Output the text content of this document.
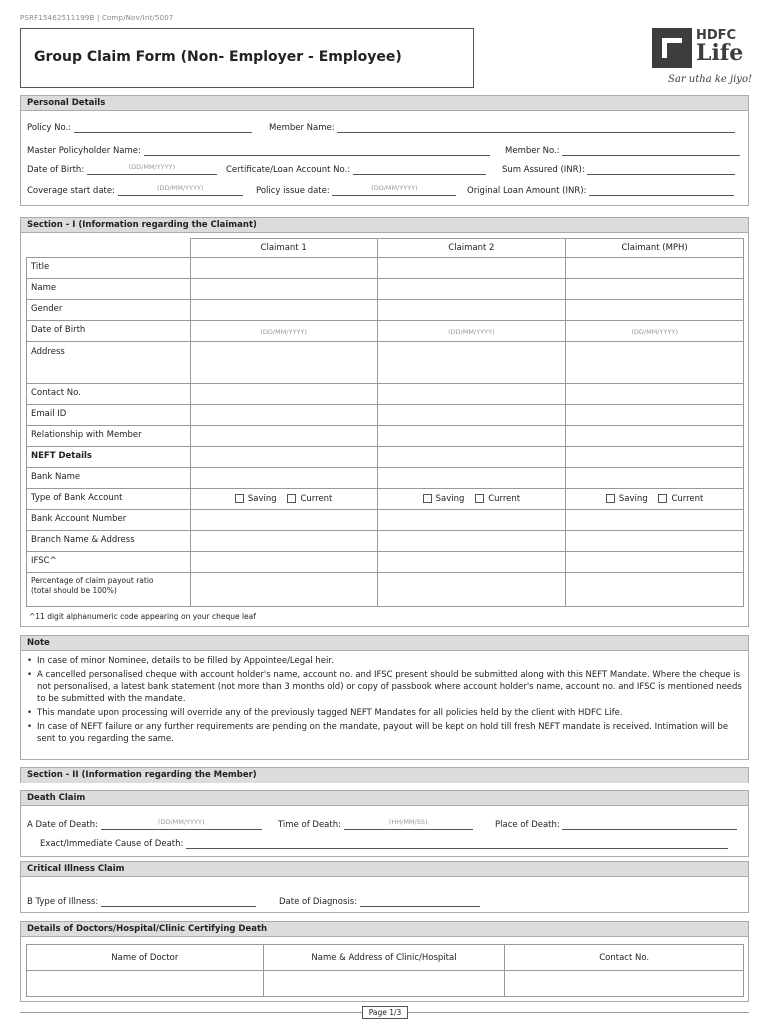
PSRF15462511199B | Comp/Nov/Int/5007
Group Claim Form (Non- Employer - Employee)
HDFC
Life
Sar utha ke jiyo!
Personal Details
Policy No.:	Member Name:
Master Policyholder Name:	Member No.:
Date of Birth:	(DD/MM/YYYY)	Certificate/Loan Account No.:	Sum Assured (INR):
Coverage start date:	(DD/MM/YYYY)	Policy issue date:	(DD/MM/YYYY)	Original Loan Amount (INR):
Section - I (Information regarding the Claimant)
	Claimant 1	Claimant 2	Claimant (MPH)
Title			
Name			
Gender			
Date of Birth	(DD/MM/YYYY)	(DD/MM/YYYY)	(DD/MM/YYYY)
Address			
Contact No.			
Email ID			
Relationship with Member			
NEFT Details			
Bank Name			
Type of Bank Account	Saving Current	Saving Current	Saving Current
Bank Account Number			
Branch Name & Address			
IFSC^			

Percentage of claim payout ratio
(total should be 100%)			

^11 digit alphanumeric code appearing on your cheque leaf
Note
• In case of minor Nominee, details to be filled by Appointee/Legal heir.
• A cancelled personalised cheque with account holder's name, account no. and IFSC present should be submitted along with this NEFT Mandate. Where the cheque is not personalised, a latest bank statement (not more than 3 months old) or copy of passbook where account holder's name, account no. and IFSC is mentioned needs to be submitted with the mandate.
• This mandate upon processing will override any of the previously tagged NEFT Mandates for all policies held by the client with HDFC Life.
• In case of NEFT failure or any further requirements are pending on the mandate, payout will be kept on hold till fresh NEFT mandate is received. Intimation will be sent to you regarding the same.
Section - II (Information regarding the Member)
Death Claim
A Date of Death:	(DD/MM/YYYY)	Time of Death:	(HH/MM/SS)	Place of Death:
Exact/Immediate Cause of Death:
Critical Illness Claim
B Type of Illness:	Date of Diagnosis:
Details of Doctors/Hospital/Clinic Certifying Death
Name of Doctor	Name & Address of Clinic/Hospital	Contact No.

Page 1/3
